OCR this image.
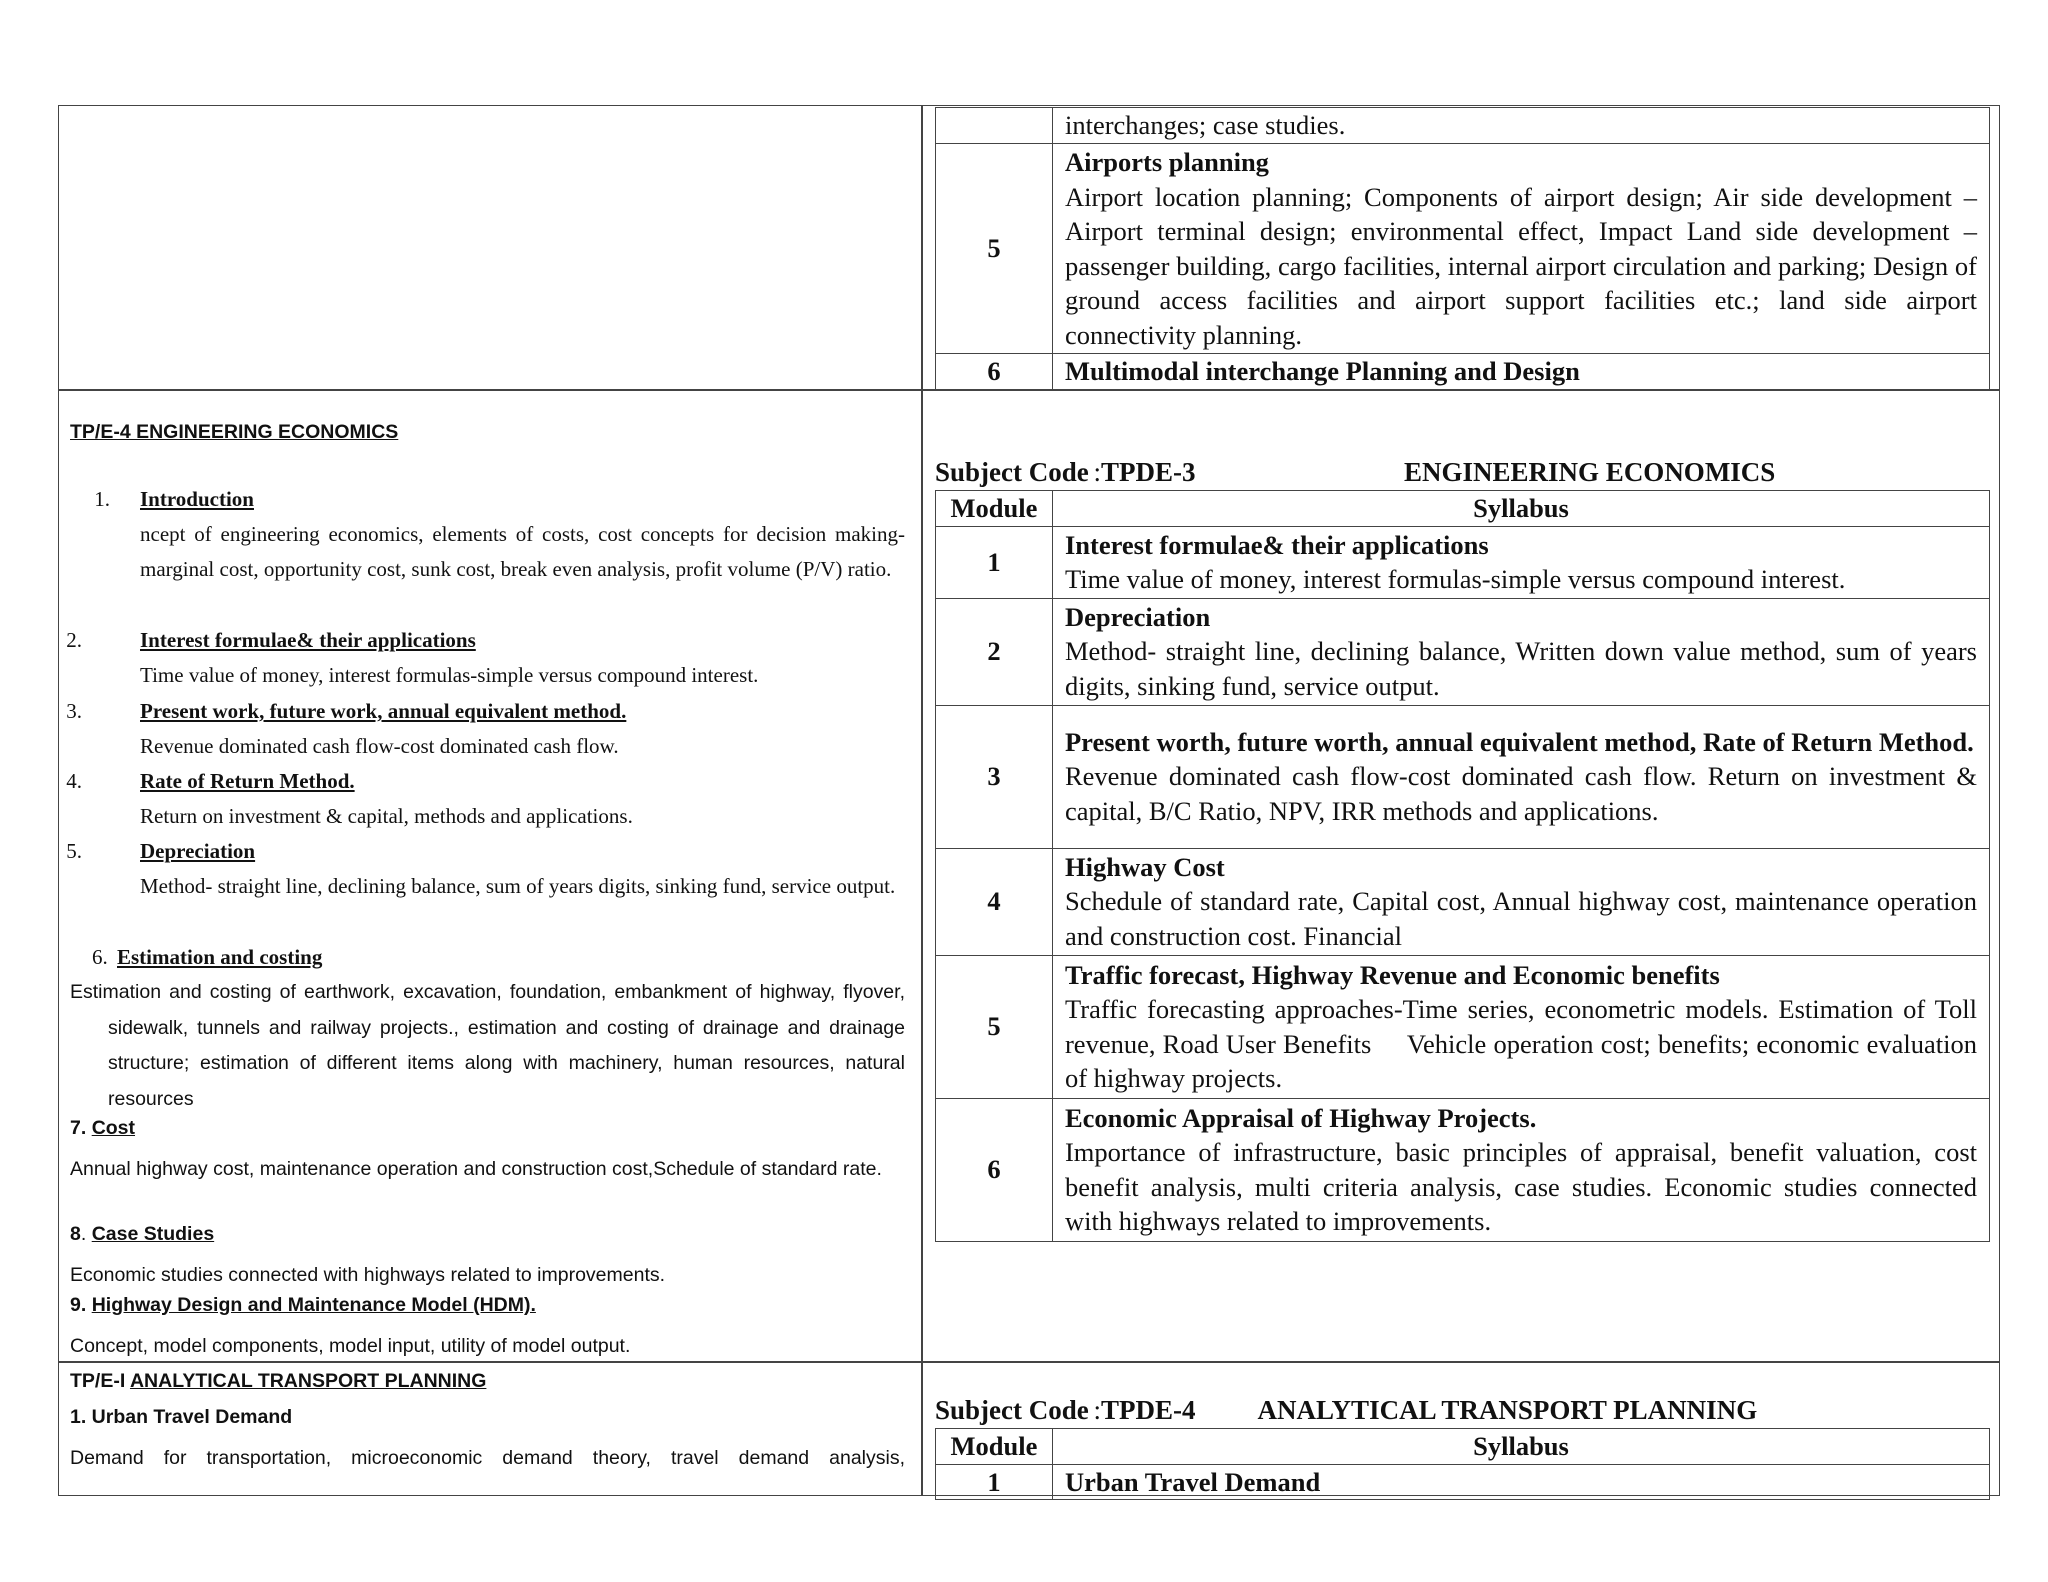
	interchanges; case studies.
5	Airports planning
Airport location planning; Components of airport design; Air side development – Airport terminal design; environmental effect, Impact Land side development – passenger building, cargo facilities, internal airport circulation and parking; Design of ground access facilities and airport support facilities etc.; land side airport connectivity planning.

6	Multimodal interchange Planning and Design
TP/E-4 ENGINEERING ECONOMICS
1. Introduction
ncept of engineering economics, elements of costs, cost concepts for decision making-marginal cost, opportunity cost, sunk cost, break even analysis, profit volume (P/V) ratio.
2.	Interest formulae& their applications
Time value of money, interest formulas-simple versus compound interest.
3.	Present work, future work, annual equivalent method.
Revenue dominated cash flow-cost dominated cash flow.
4.	Rate of Return Method.
Return on investment & capital, methods and applications.
5.	Depreciation
Method- straight line, declining balance, sum of years digits, sinking fund, service output.
6. Estimation and costing
Estimation and costing of earthwork, excavation, foundation, embankment of highway, flyover, sidewalk, tunnels and railway projects., estimation and costing of drainage and drainage structure; estimation of different items along with machinery, human resources, natural resources
7. Cost
Annual highway cost, maintenance operation and construction cost,Schedule of standard rate.
8. Case Studies
Economic studies connected with highways related to improvements.
9. Highway Design and Maintenance Model (HDM).
Concept, model components, model input, utility of model output.
Subject Code :TPDE-3	ENGINEERING ECONOMICS
Module	Syllabus
1	Interest formulae& their applications
Time value of money, interest formulas-simple versus compound interest.

2	Depreciation
Method- straight line, declining balance, Written down value method, sum of years digits, sinking fund, service output.

3	Present worth, future worth, annual equivalent method, Rate of Return Method.
Revenue dominated cash flow-cost dominated cash flow. Return on investment & capital, B/C Ratio, NPV, IRR methods and applications.

4	Highway Cost
Schedule of standard rate, Capital cost, Annual highway cost, maintenance operation and construction cost. Financial

5	Traffic forecast, Highway Revenue and Economic benefits
Traffic forecasting approaches-Time series, econometric models. Estimation of Toll revenue, Road User Benefits     Vehicle operation cost; benefits; economic evaluation of highway projects.

6	Economic Appraisal of Highway Projects.
Importance of infrastructure, basic principles of appraisal, benefit valuation, cost benefit analysis, multi criteria analysis, case studies. Economic studies connected with highways related to improvements.
TP/E-I ANALYTICAL TRANSPORT PLANNING
1. Urban Travel Demand
Demand for transportation, microeconomic demand theory, travel demand analysis,
Subject Code :TPDE-4 ANALYTICAL TRANSPORT PLANNING
Module	Syllabus
1	Urban Travel Demand
